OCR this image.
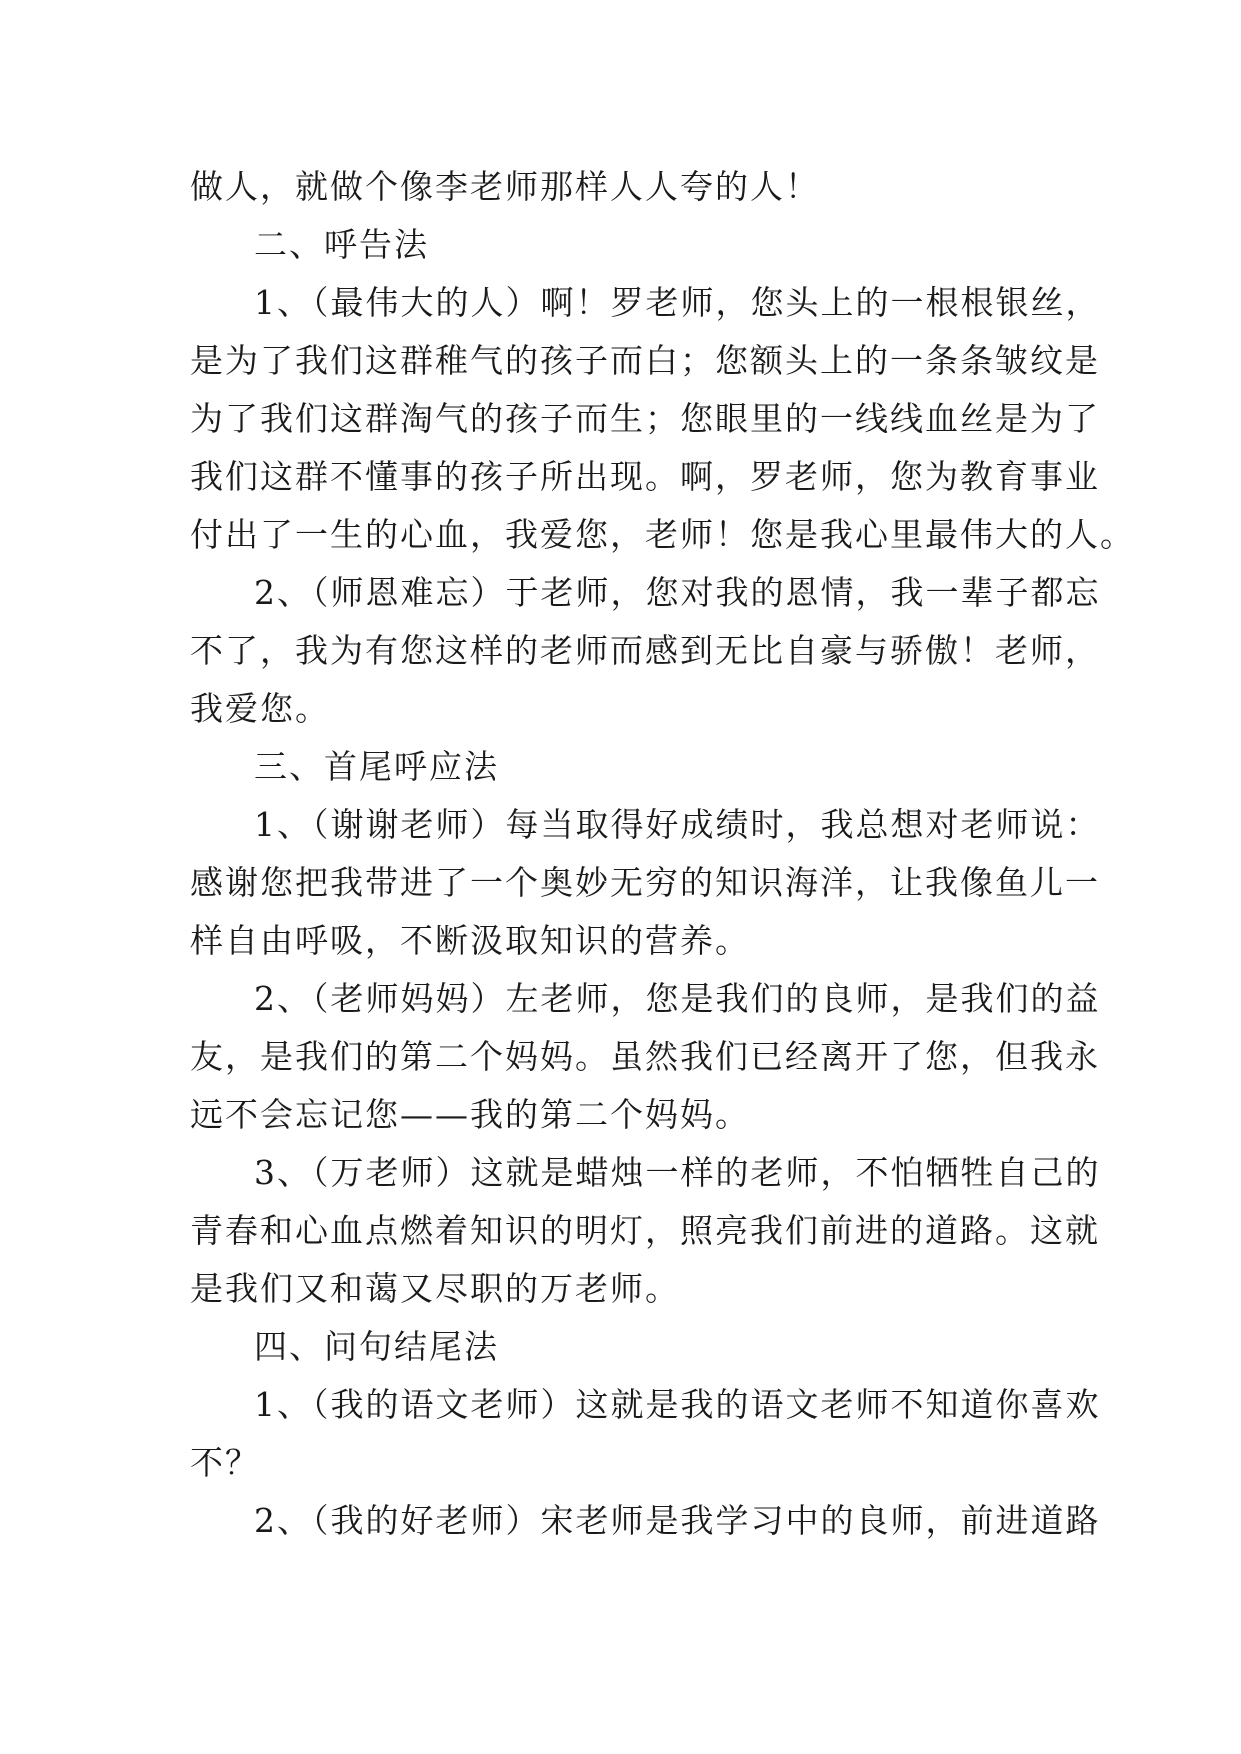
做人，就做个像李老师那样人人夸的人！
二、呼告法
1、（最伟大的人）啊！罗老师，您头上的一根根银丝，
是为了我们这群稚气的孩子而白；您额头上的一条条皱纹是
为了我们这群淘气的孩子而生；您眼里的一线线血丝是为了
我们这群不懂事的孩子所出现。啊，罗老师，您为教育事业
付出了一生的心血，我爱您，老师！您是我心里最伟大的人。
2、（师恩难忘）于老师，您对我的恩情，我一辈子都忘
不了，我为有您这样的老师而感到无比自豪与骄傲！老师，
我爱您。
三、首尾呼应法
1、（谢谢老师）每当取得好成绩时，我总想对老师说：
感谢您把我带进了一个奥妙无穷的知识海洋，让我像鱼儿一
样自由呼吸，不断汲取知识的营养。
2、（老师妈妈）左老师，您是我们的良师，是我们的益
友，是我们的第二个妈妈。虽然我们已经离开了您，但我永
远不会忘记您——我的第二个妈妈。
3、（万老师）这就是蜡烛一样的老师，不怕牺牲自己的
青春和心血点燃着知识的明灯，照亮我们前进的道路。这就
是我们又和蔼又尽职的万老师。
四、问句结尾法
1、（我的语文老师）这就是我的语文老师不知道你喜欢
不？
2、（我的好老师）宋老师是我学习中的良师，前进道路
